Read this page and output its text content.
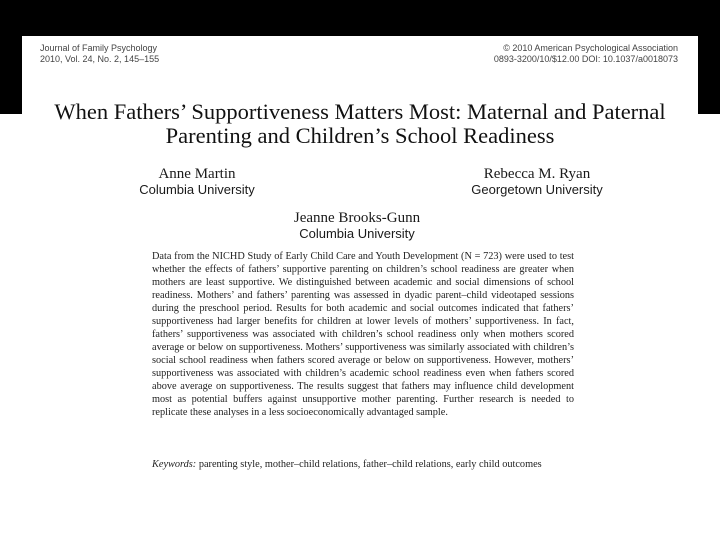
Journal of Family Psychology
2010, Vol. 24, No. 2, 145–155
© 2010 American Psychological Association
0893-3200/10/$12.00 DOI: 10.1037/a0018073
When Fathers’ Supportiveness Matters Most: Maternal and Paternal Parenting and Children’s School Readiness
Anne Martin
Columbia University
Rebecca M. Ryan
Georgetown University
Jeanne Brooks-Gunn
Columbia University
Data from the NICHD Study of Early Child Care and Youth Development (N = 723) were used to test whether the effects of fathers’ supportive parenting on children’s school readiness are greater when mothers are least supportive. We distinguished between academic and social dimensions of school readiness. Mothers’ and fathers’ parenting was assessed in dyadic parent–child videotaped sessions during the preschool period. Results for both academic and social outcomes indicated that fathers’ supportiveness had larger benefits for children at lower levels of mothers’ supportiveness. In fact, fathers’ supportiveness was associated with children’s school readiness only when mothers scored average or below on supportiveness. Mothers’ supportiveness was similarly associated with children’s social school readiness when fathers scored average or below on supportiveness. However, mothers’ supportiveness was associated with children’s academic school readiness even when fathers scored above average on supportiveness. The results suggest that fathers may influence child development most as potential buffers against unsupportive mother parenting. Further research is needed to replicate these analyses in a less socioeconomically advantaged sample.
Keywords: parenting style, mother–child relations, father–child relations, early child outcomes
